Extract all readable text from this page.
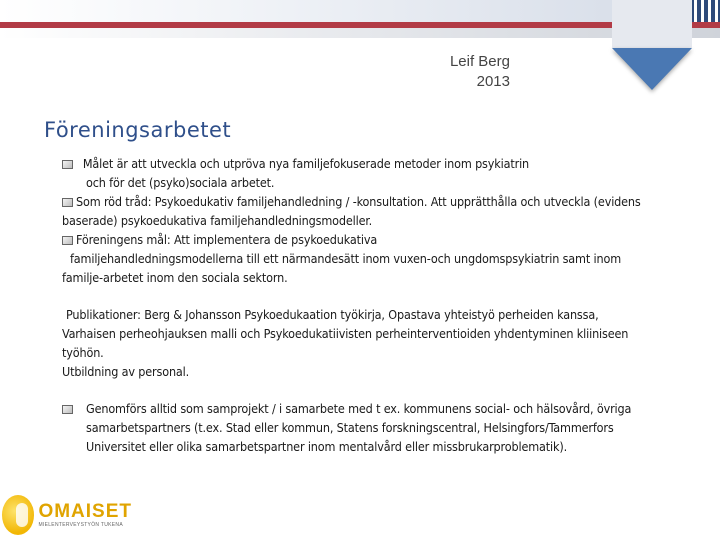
Leif Berg
2013
Föreningsarbetet
Målet är att utveckla och utpröva nya familjefokuserade metoder inom psykiatrin
och för det (psyko)sociala arbetet.
Som röd tråd: Psykoedukativ familjehandledning / -konsultation. Att upprätthålla och utveckla (evidens baserade) psykoedukativa familjehandledningsmodeller.
Föreningens mål: Att implementera de psykoedukativa
familjehandledningsmodellerna till ett närmandesätt inom vuxen-och ungdomspsykiatrin samt inom familje-arbetet inom den sociala sektorn.
Publikationer: Berg & Johansson Psykoedukaation työkirja, Opastava yhteistyö perheiden kanssa, Varhaisen perheohjauksen malli och Psykoedukatiivisten perheinterventioiden yhdentyminen kliiniseen työhön.
Utbildning av personal.
Genomförs alltid som samprojekt / i samarbete med t ex. kommunens social- och hälsovård, övriga samarbetspartners (t.ex. Stad eller kommun, Statens forskningscentral, Helsingfors/Tammerfors Universitet eller olika samarbetspartner inom mentalvård eller missbrukarproblematik).
OMAISET
MIELENTERVEYSTYÖN TUKENA
